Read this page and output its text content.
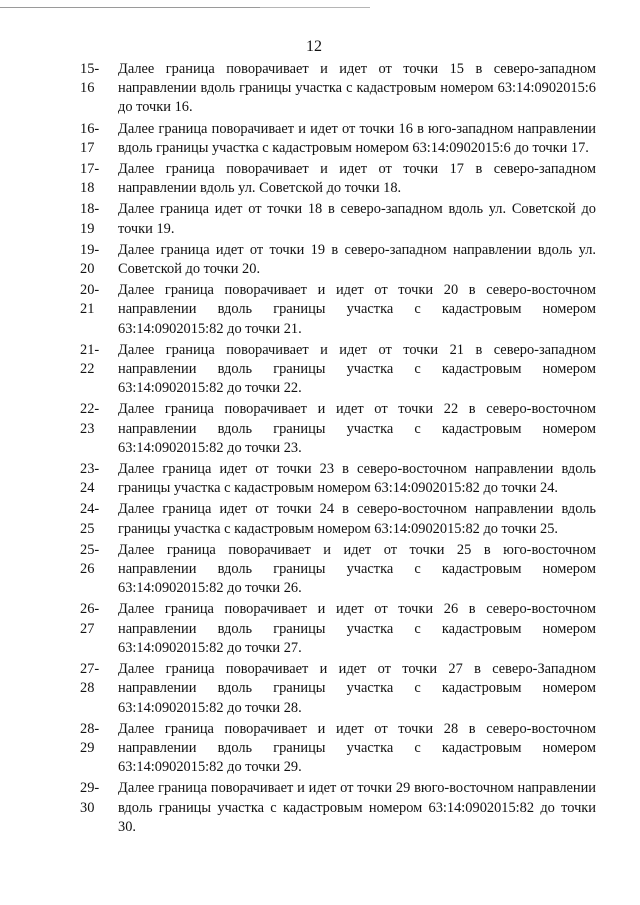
12
15-
16
Далее граница поворачивает и идет от точки 15 в северо-западном направлении вдоль границы участка с кадастровым номером 63:14:0902015:6 до точки 16.
16-
17
Далее граница поворачивает и идет от точки 16 в юго-западном направлении вдоль границы участка с кадастровым номером 63:14:0902015:6 до точки 17.
17-
18
Далее граница поворачивает и идет от точки 17 в северо-западном направлении вдоль ул. Советской до точки 18.
18-
19
Далее граница идет от точки 18 в северо-западном вдоль ул. Советской до точки 19.
19-
20
Далее граница идет от точки 19 в северо-западном направлении вдоль ул. Советской до точки 20.
20-
21
Далее граница поворачивает и идет от точки 20 в северо-восточном направлении вдоль границы участка с кадастровым номером 63:14:0902015:82 до точки 21.
21-
22
Далее граница поворачивает и идет от точки 21 в северо-западном направлении вдоль границы участка с кадастровым номером 63:14:0902015:82 до точки 22.
22-
23
Далее граница поворачивает и идет от точки 22 в северо-восточном направлении вдоль границы участка с кадастровым номером 63:14:0902015:82 до точки 23.
23-
24
Далее граница идет от точки 23 в северо-восточном направлении вдоль границы участка с кадастровым номером 63:14:0902015:82 до точки 24.
24-
25
Далее граница идет от точки 24 в северо-восточном направлении вдоль границы участка с кадастровым номером 63:14:0902015:82 до точки 25.
25-
26
Далее граница поворачивает и идет от точки 25 в юго-восточном направлении вдоль границы участка с кадастровым номером 63:14:0902015:82 до точки 26.
26-
27
Далее граница поворачивает и идет от точки 26 в северо-восточном направлении вдоль границы участка с кадастровым номером 63:14:0902015:82 до точки 27.
27-
28
Далее граница поворачивает и идет от точки 27 в северо-Западном направлении вдоль границы участка с кадастровым номером 63:14:0902015:82 до точки 28.
28-
29
Далее граница поворачивает и идет от точки 28 в северо-восточном направлении вдоль границы участка с кадастровым номером 63:14:0902015:82 до точки 29.
29-
30
Далее граница поворачивает и идет от точки 29 вюго-восточном направлении вдоль границы участка с кадастровым номером 63:14:0902015:82 до точки 30.
